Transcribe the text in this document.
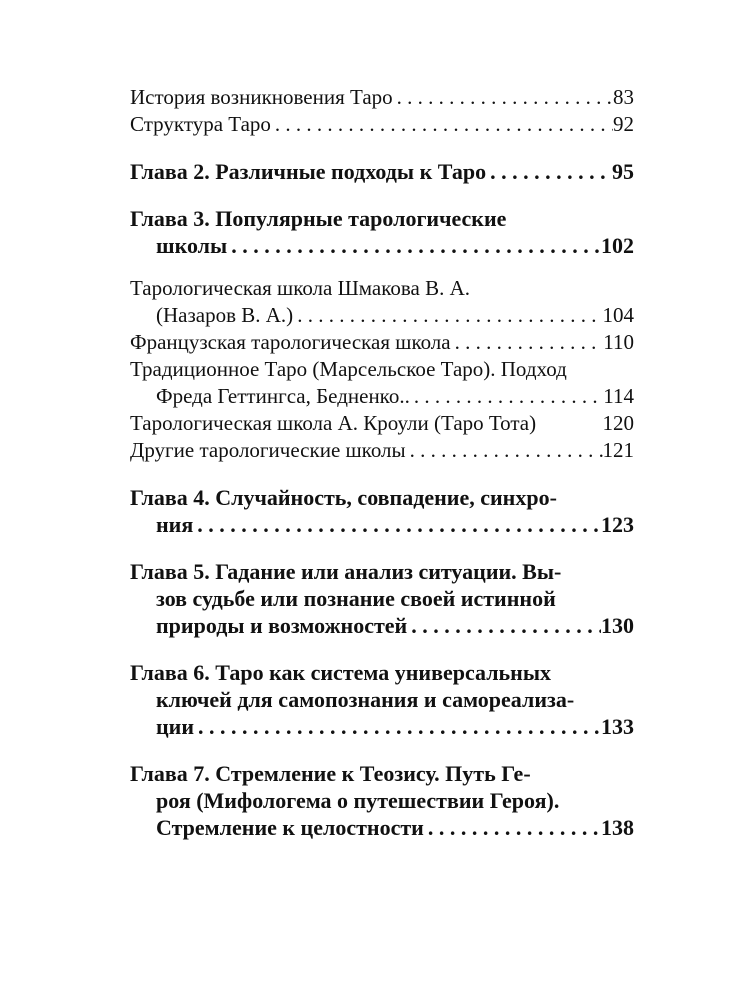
История возникновения Таро . . .	83
Структура Таро . . .	92
Глава 2. Различные подходы к Таро . . .	95
Глава 3. Популярные тарологические
школы . . .	102
Тарологическая школа Шмакова В. А.
(Назаров В. А.) . . .	104
Французская тарологическая школа . . .	110
Традиционное Таро (Марсельское Таро). Подход
Фреда Геттингса, Бедненко.. . . .	114
Тарологическая школа А. Кроули (Таро Тота)	120
Другие тарологические школы . . .	121
Глава 4. Случайность, совпадение, синхро-
ния . . .	123
Глава 5. Гадание или анализ ситуации. Вы-
зов судьбе или познание своей истинной
природы и возможностей . . .	130
Глава 6. Таро как система универсальных
ключей для самопознания и самореализа-
ции . . .	133
Глава 7. Стремление к Теозису. Путь Ге-
роя (Мифологема о путешествии Героя).
Стремление к целостности . . .	138
